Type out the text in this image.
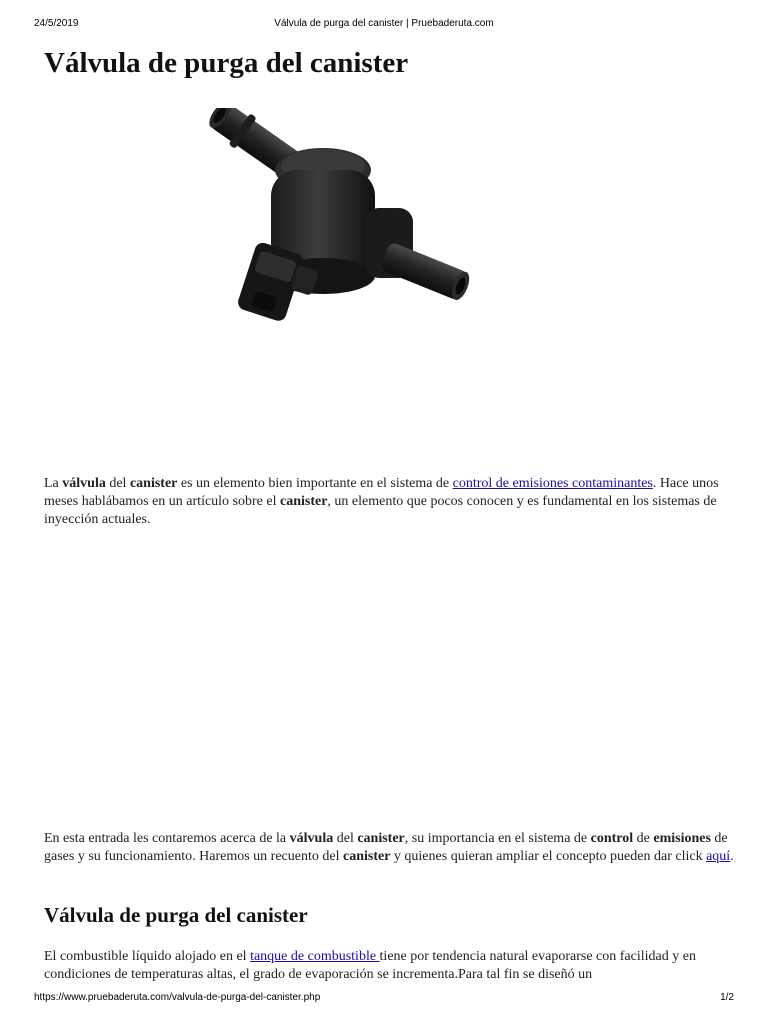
24/5/2019	Válvula de purga del canister | Pruebaderuta.com
Válvula de purga del canister

La válvula del canister es un elemento bien importante en el sistema de control de emisiones contaminantes. Hace unos meses hablábamos en un artículo sobre el canister, un elemento que pocos conocen y es fundamental en los sistemas de inyección actuales.

En esta entrada les contaremos acerca de la válvula del canister, su importancia en el sistema de control de emisiones de gases y su funcionamiento. Haremos un recuento del canister y quienes quieran ampliar el concepto pueden dar click aquí.

Válvula de purga del canister

El combustible líquido alojado en el tanque de combustible tiene por tendencia natural evaporarse con facilidad y en condiciones de temperaturas altas, el grado de evaporación se incrementa.Para tal fin se diseñó un

https://www.pruebaderuta.com/valvula-de-purga-del-canister.php	1/2
